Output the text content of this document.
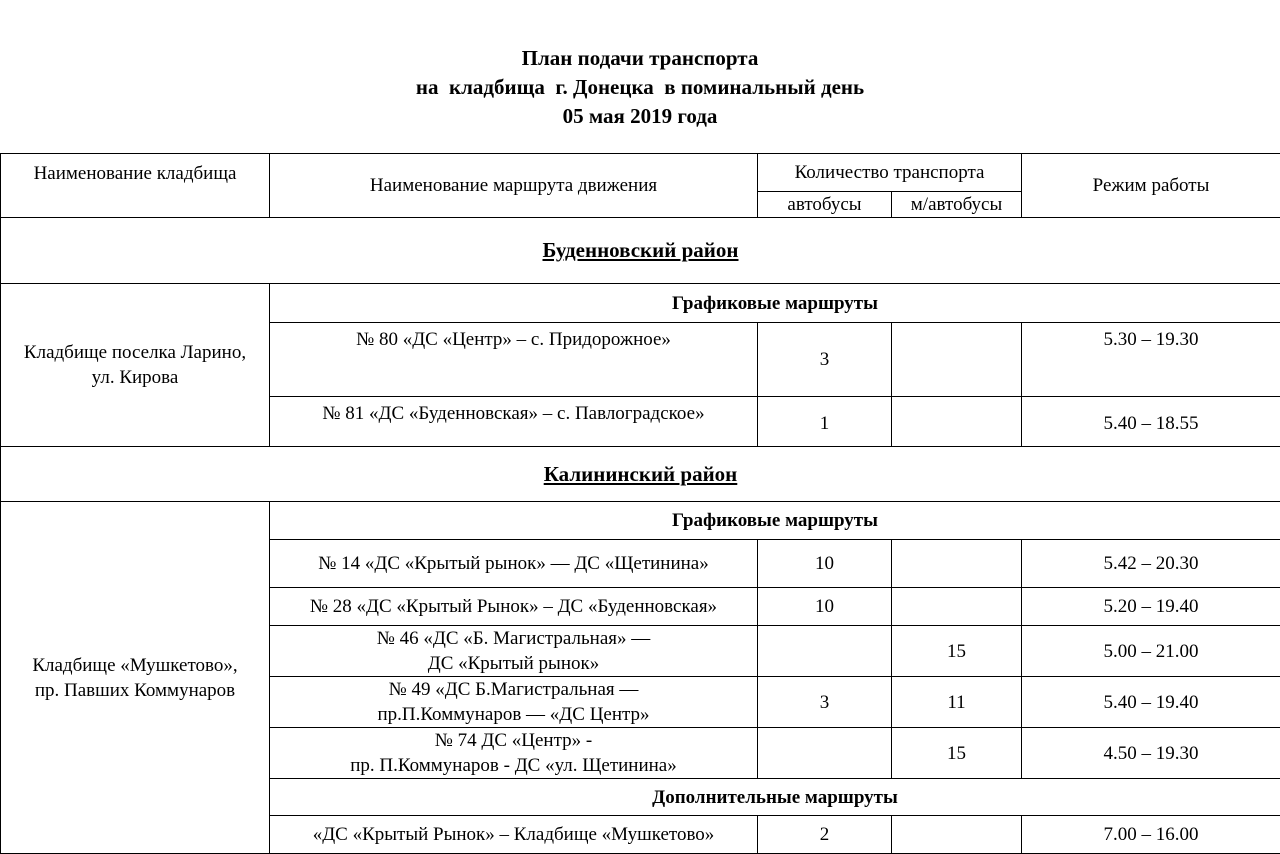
План подачи транспорта
на  кладбища  г. Донецка  в поминальный день
05 мая 2019 года
Наименование кладбища	Наименование маршрута движения	Количество транспорта		Режим работы
		автобусы	м/автобусы	
Буденновский район				

Кладбище поселка Ларино,
ул. Кирова	Графиковые маршруты			
	№ 80 «ДС «Центр» – с. Придорожное»	3		5.30 – 19.30
	№ 81 «ДС «Буденновская» – с. Павлоградское»	1		5.40 – 18.55

Калининский район				

Кладбище «Мушкетово»,
пр. Павших Коммунаров	Графиковые маршруты			
	№ 14 «ДС «Крытый рынок» — ДС «Щетинина»	10		5.42 – 20.30
	№ 28 «ДС «Крытый Рынок» – ДС «Буденновская»	10		5.20 – 19.40

	№ 46 «ДС «Б. Магистральная» —
ДС «Крытый рынок»		15	5.00 – 21.00

	№ 49 «ДС Б.Магистральная —
пр.П.Коммунаров — «ДС Центр»	3	11	5.40 – 19.40

	№ 74 ДС «Центр» -
пр. П.Коммунаров - ДС «ул. Щетинина»		15	4.50 – 19.30
	Дополнительные маршруты			
	«ДС «Крытый Рынок» – Кладбище «Мушкетово»	2		7.00 – 16.00
